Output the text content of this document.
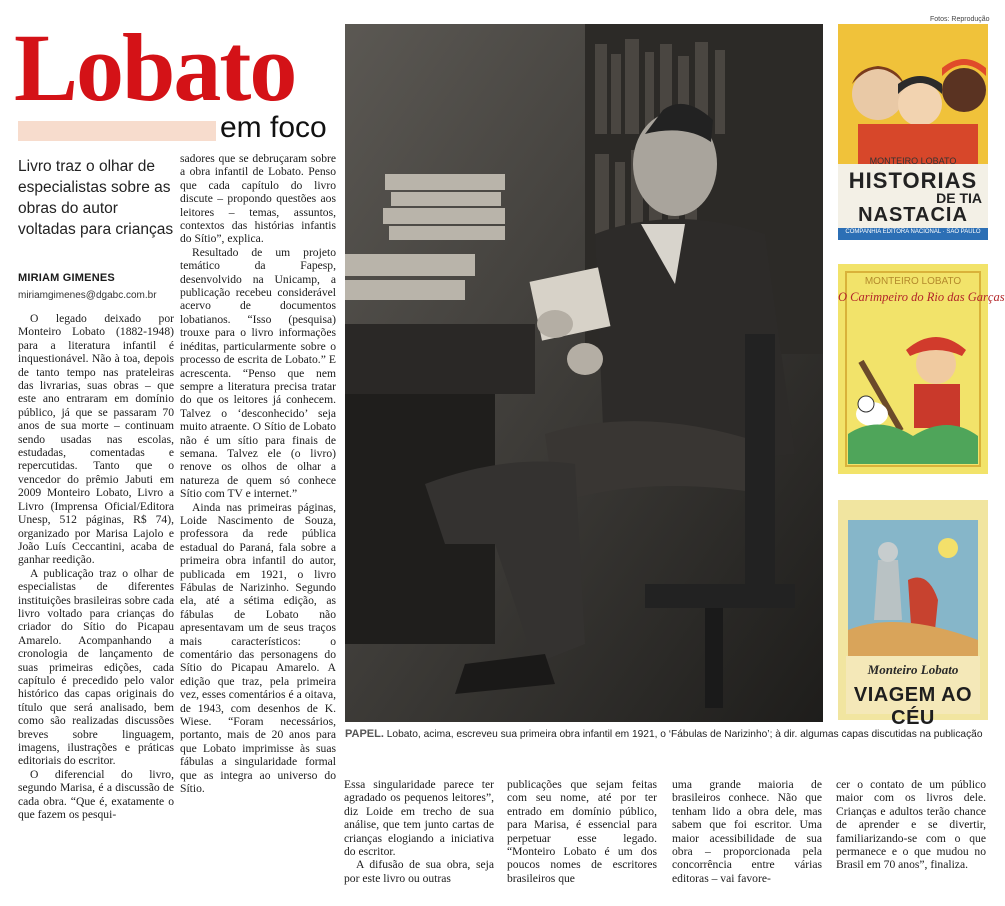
Lobato
em foco
Livro traz o olhar de especialistas sobre as obras do autor voltadas para crianças
MIRIAM GIMENES
miriamgimenes@dgabc.com.br

O legado deixado por Monteiro Lobato (1882-1948) para a literatura infantil é inquestionável. Não à toa, depois de tanto tempo nas prateleiras das livrarias, suas obras – que este ano entraram em domínio público, já que se passaram 70 anos de sua morte – continuam sendo usadas nas escolas, estudadas, comentadas e repercutidas. Tanto que o vencedor do prêmio Jabuti em 2009 Monteiro Lobato, Livro a Livro (Imprensa Oficial/Editora Unesp, 512 páginas, R$ 74), organizado por Marisa Lajolo e João Luís Ceccantini, acaba de ganhar reedição.

A publicação traz o olhar de especialistas de diferentes instituições brasileiras sobre cada livro voltado para crianças do criador do Sítio do Picapau Amarelo. Acompanhando a cronologia de lançamento de suas primeiras edições, cada capítulo é precedido pelo valor histórico das capas originais do título que será analisado, bem como são realizadas discussões breves sobre linguagem, imagens, ilustrações e práticas editoriais do escritor.

O diferencial do livro, segundo Marisa, é a discussão de cada obra. “Que é, exatamente o que fazem os pesqui-

sadores que se debruçaram sobre a obra infantil de Lobato. Penso que cada capítulo do livro discute – propondo questões aos leitores – temas, assuntos, contextos das histórias infantis do Sítio”, explica.

Resultado de um projeto temático da Fapesp, desenvolvido na Unicamp, a publicação recebeu considerável acervo de documentos lobatianos. “Isso (pesquisa) trouxe para o livro informações inéditas, particularmente sobre o processo de escrita de Lobato.” E acrescenta. “Penso que nem sempre a literatura precisa tratar do que os leitores já conhecem. Talvez o ‘desconhecido’ seja muito atraente. O Sítio de Lobato não é um sítio para finais de semana. Talvez ele (o livro) renove os olhos de olhar a natureza de quem só conhece Sítio com TV e internet.”

Ainda nas primeiras páginas, Loide Nascimento de Souza, professora da rede pública estadual do Paraná, fala sobre a primeira obra infantil do autor, publicada em 1921, o livro Fábulas de Narizinho. Segundo ela, até a sétima edição, as fábulas de Lobato não apresentavam um de seus traços mais característicos: o comentário das personagens do Sítio do Picapau Amarelo. A edição que traz, pela primeira vez, esses comentários é a oitava, de 1943, com desenhos de K. Wiese. “Foram necessários, portanto, mais de 20 anos para que Lobato imprimisse às suas fábulas a singularidade formal que as integra ao universo do Sítio.

PAPEL. Lobato, acima, escreveu sua primeira obra infantil em 1921, o ‘Fábulas de Narizinho’; à dir. algumas capas discutidas na publicação
Fotos: Reprodução
MONTEIRO LOBATO
HISTORIAS
DE TIA
NASTACIA
COMPANHIA EDITORA NACIONAL · SÃO PAULO
MONTEIRO LOBATO
O Carimpeiro do Rio das Garças
Monteiro Lobato
VIAGEM AO CÉU

Essa singularidade parece ter agradado os pequenos leitores”, diz Loide em trecho de sua análise, que tem junto cartas de crianças elogiando a iniciativa do escritor.

A difusão de sua obra, seja por este livro ou outras

publicações que sejam feitas com seu nome, até por ter entrado em domínio público, para Marisa, é essencial para perpetuar esse legado. “Monteiro Lobato é um dos poucos nomes de escritores brasileiros que

uma grande maioria de brasileiros conhece. Não que tenham lido a obra dele, mas sabem que foi escritor. Uma maior acessibilidade de sua obra – proporcionada pela concorrência entre várias editoras – vai favore-

cer o contato de um público maior com os livros dele. Crianças e adultos terão chance de aprender e se divertir, familiarizando-se com o que permanece e o que mudou no Brasil em 70 anos”, finaliza.
